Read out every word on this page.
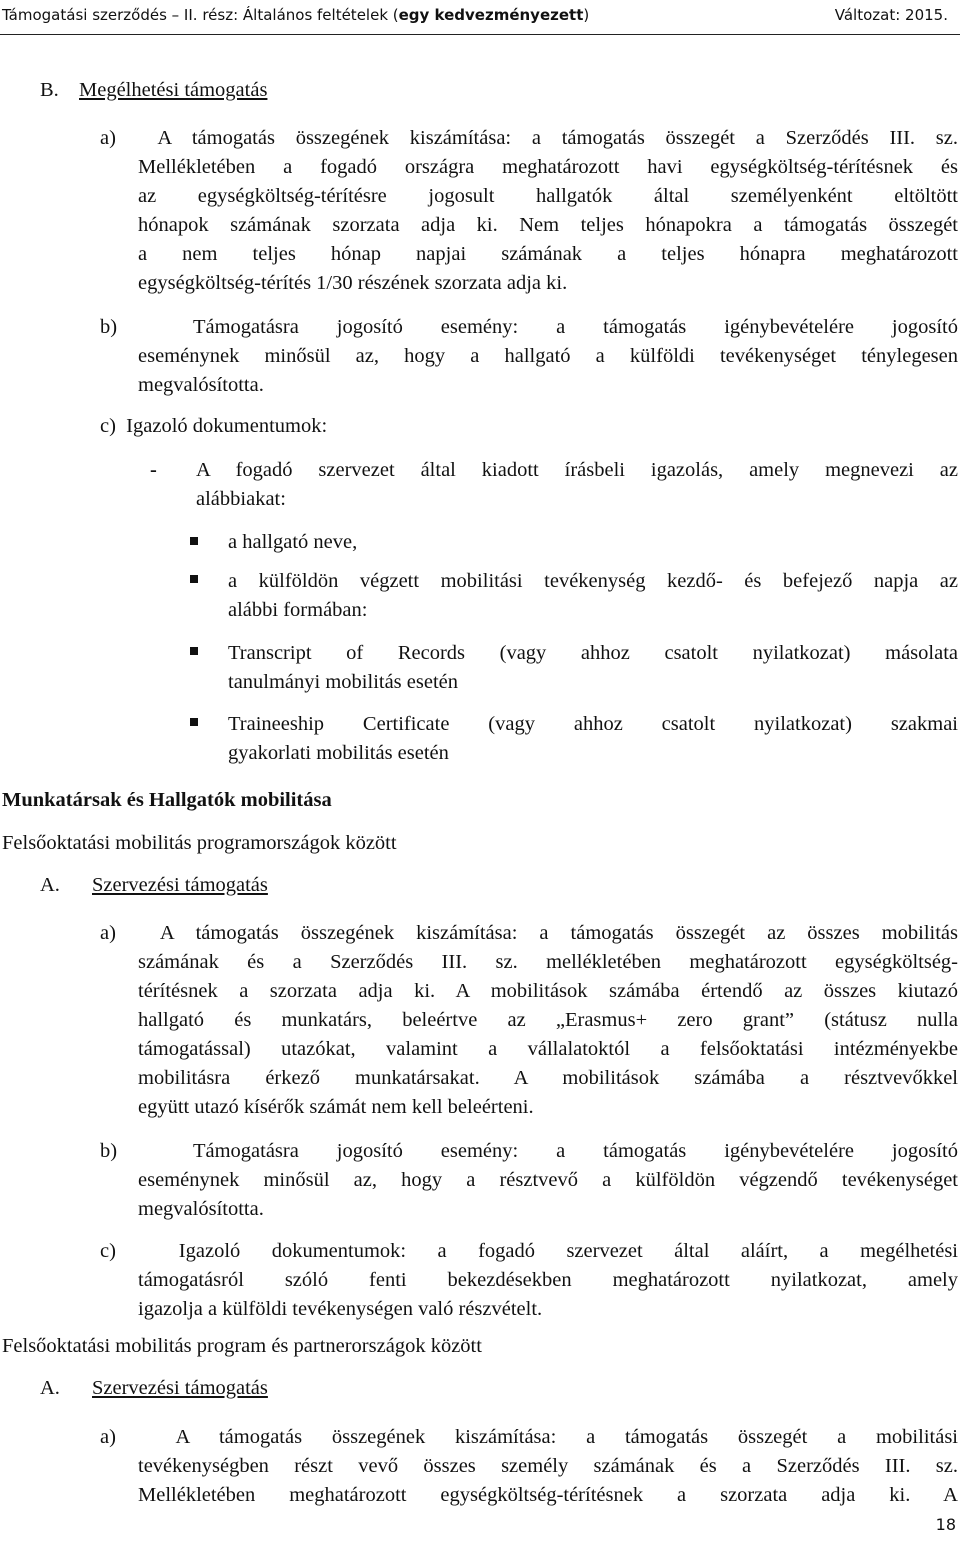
Támogatási szerződés – II. rész: Általános feltételek (egy kedvezményezett)	Változat: 2015.
B. Megélhetési támogatás
a)  A támogatás összegének kiszámítása: a támogatás összegét a Szerződés III. sz.
Mellékletében a fogadó országra meghatározott havi egységköltség-térítésnek és
az egységköltség-térítésre jogosult hallgatók által személyenként eltöltött
hónapok számának szorzata adja ki. Nem teljes hónapokra a támogatás összegét
a nem teljes hónap napjai számának a teljes hónapra meghatározott
egységköltség-térítés 1/30 részének szorzata adja ki.
b)  Támogatásra jogosító esemény: a támogatás igénybevételére jogosító
eseménynek minősül az, hogy a hallgató a külföldi tevékenységet ténylegesen
megvalósította.
c)  Igazoló dokumentumok:
- A fogadó szervezet által kiadott írásbeli igazolás, amely megnevezi az
alábbiakat:
a hallgató neve,
a külföldön végzett mobilitási tevékenység kezdő- és befejező napja az
alábbi formában:
Transcript of Records (vagy ahhoz csatolt nyilatkozat) másolata
tanulmányi mobilitás esetén
Traineeship Certificate (vagy ahhoz csatolt nyilatkozat) szakmai
gyakorlati mobilitás esetén
Munkatársak és Hallgatók mobilitása
Felsőoktatási mobilitás programországok között
A. Szervezési támogatás
a)  A támogatás összegének kiszámítása: a támogatás összegét az összes mobilitás
számának és a Szerződés III. sz. mellékletében meghatározott egységköltség-
térítésnek a szorzata adja ki. A mobilitások számába értendő az összes kiutazó
hallgató és munkatárs, beleértve az „Erasmus+ zero grant” (státusz nulla
támogatással) utazókat, valamint a vállalatoktól a felsőoktatási intézményekbe
mobilitásra érkező munkatársakat. A mobilitások számába a résztvevőkkel
együtt utazó kísérők számát nem kell beleérteni.
b)  Támogatásra jogosító esemény: a támogatás igénybevételére jogosító
eseménynek minősül az, hogy a résztvevő a külföldön végzendő tevékenységet
megvalósította.
c)  Igazoló dokumentumok: a fogadó szervezet által aláírt, a megélhetési
támogatásról szóló fenti bekezdésekben meghatározott nyilatkozat, amely
igazolja a külföldi tevékenységen való részvételt.
Felsőoktatási mobilitás program és partnerországok között
A. Szervezési támogatás
a)  A támogatás összegének kiszámítása: a támogatás összegét a mobilitási
tevékenységben részt vevő összes személy számának és a Szerződés III. sz.
Mellékletében meghatározott egységköltség-térítésnek a szorzata adja ki. A
18
